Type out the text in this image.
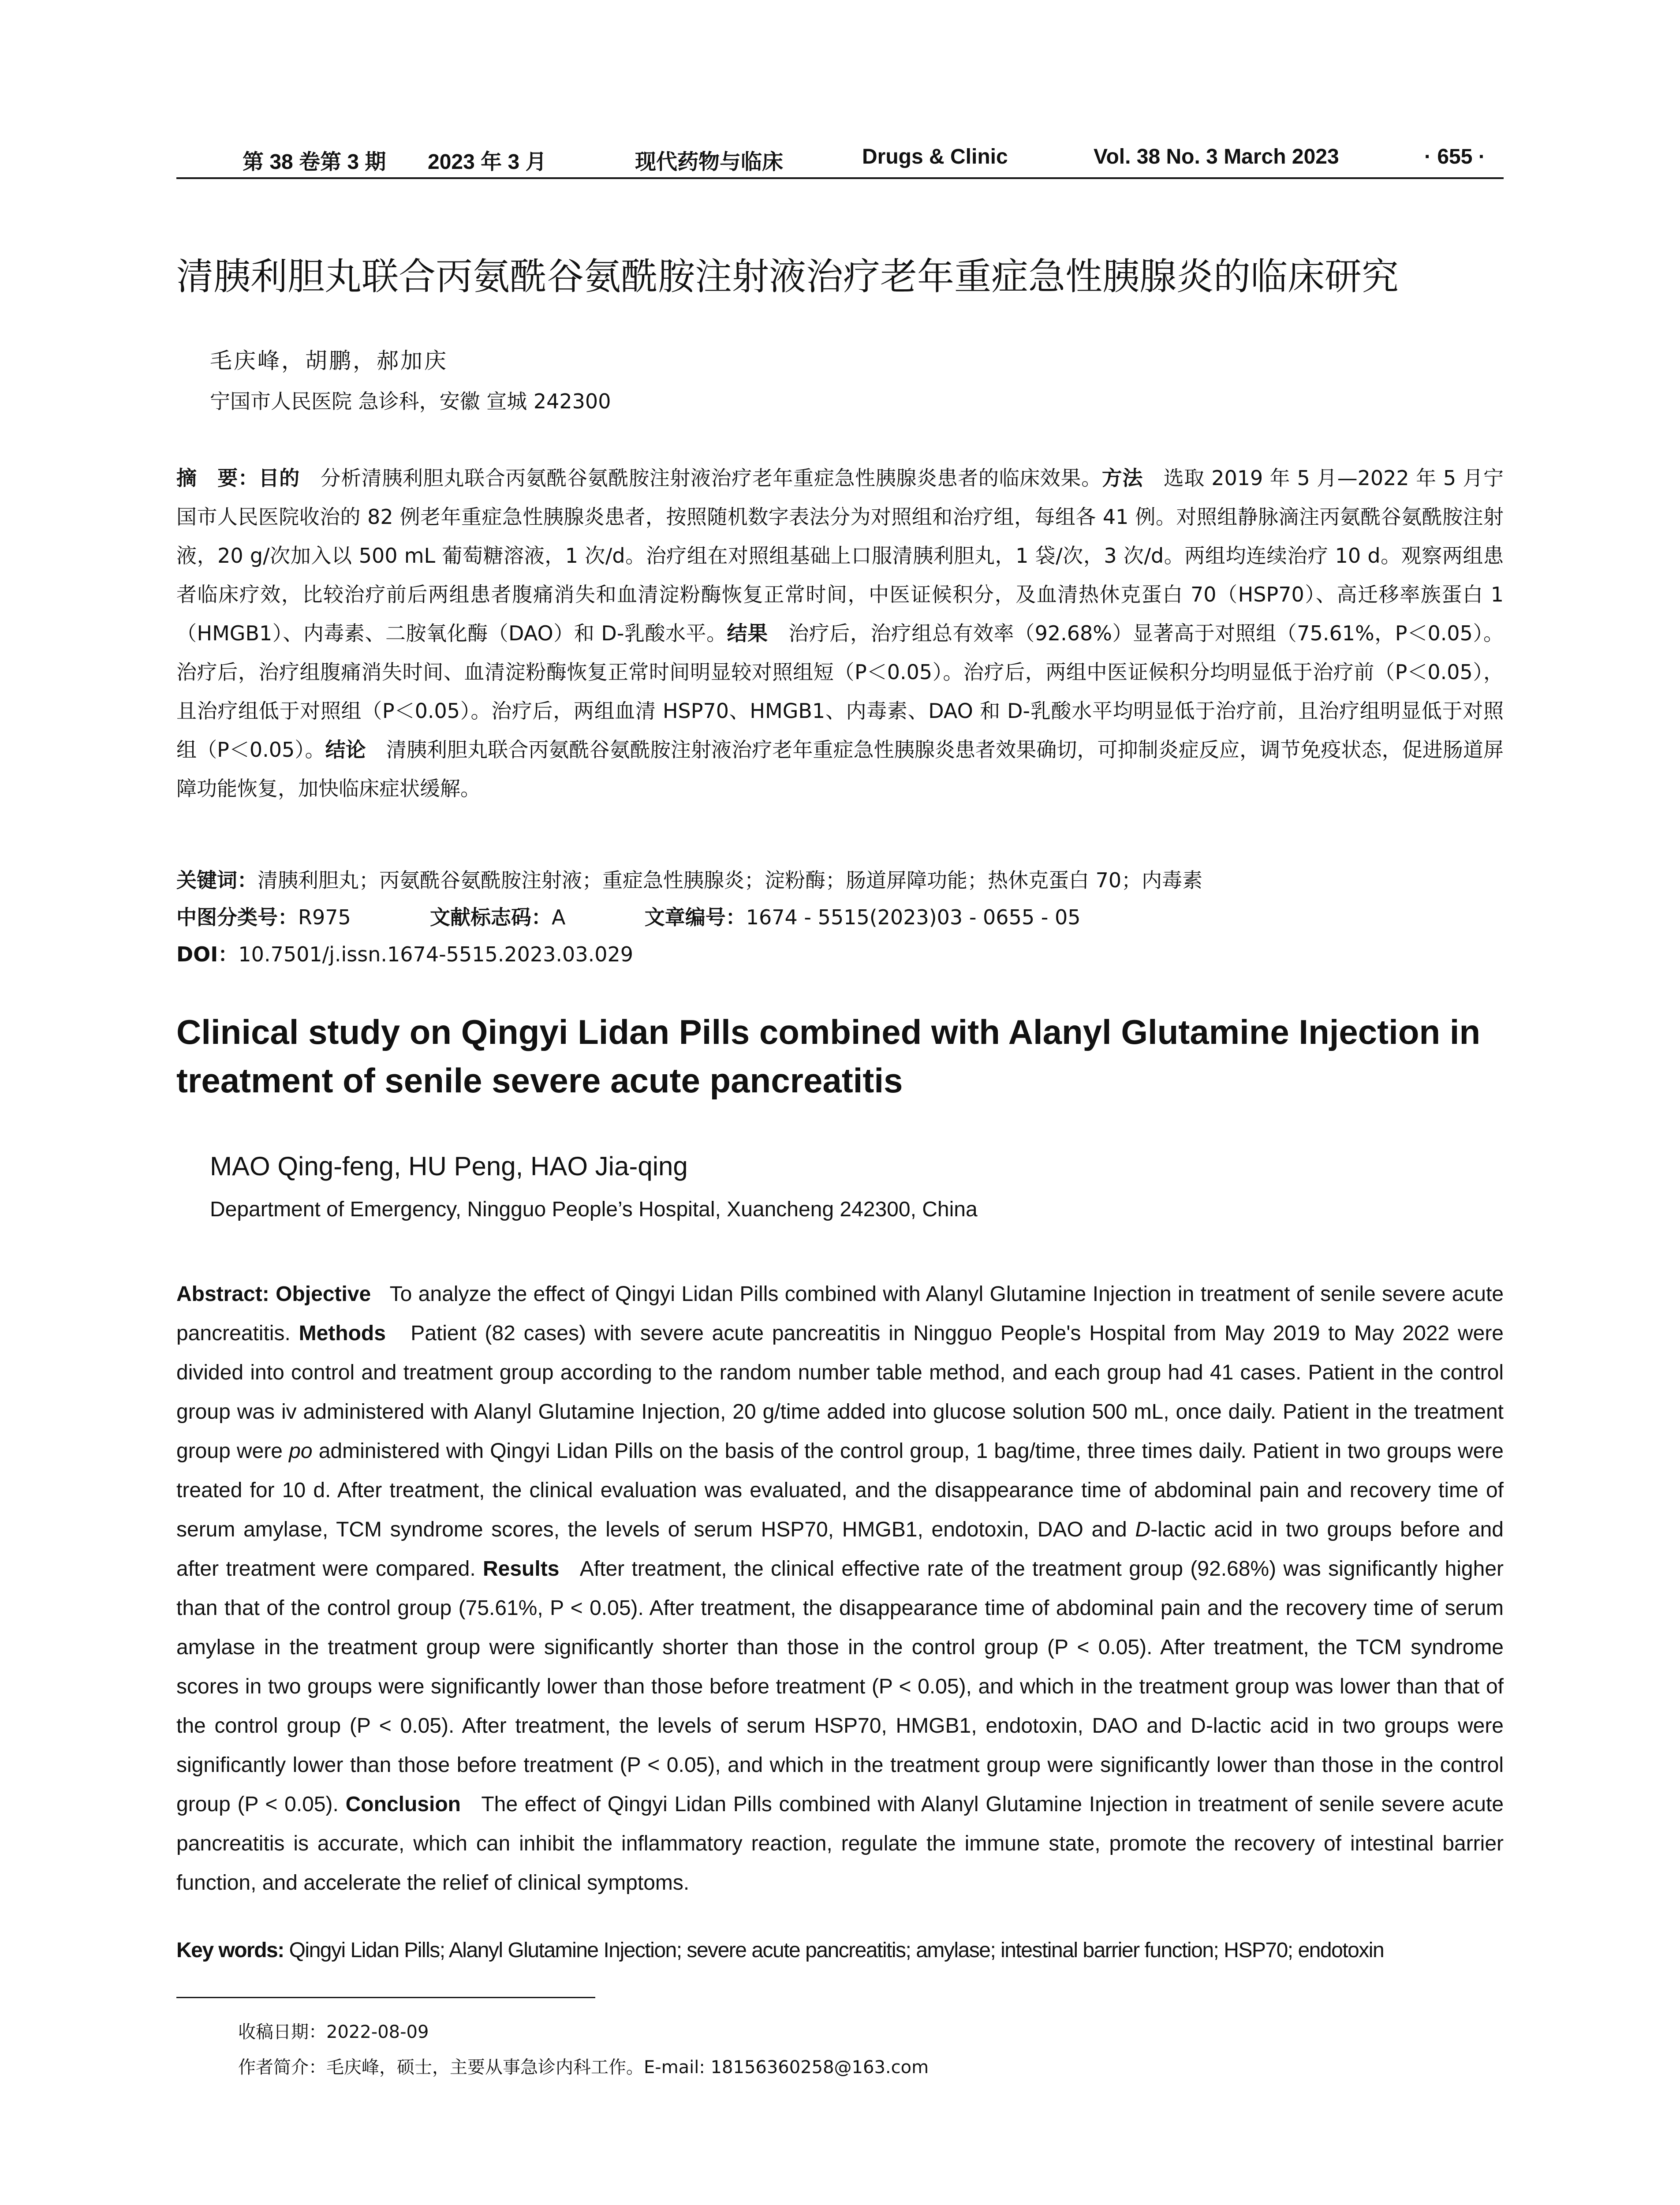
第 38 卷第 3 期 2023 年 3 月	现代药物与临床	Drugs & Clinic	Vol. 38 No. 3 March 2023	· 655 ·
清胰利胆丸联合丙氨酰谷氨酰胺注射液治疗老年重症急性胰腺炎的临床研究
毛庆峰，胡鹏，郝加庆
宁国市人民医院 急诊科，安徽 宣城 242300
摘　要：目的　 分析清胰利胆丸联合丙氨酰谷氨酰胺注射液治疗老年重症急性胰腺炎患者的临床效果。方法　 选取 2019 年 5 月—2022 年 5 月宁国市人民医院收治的 82 例老年重症急性胰腺炎患者，按照随机数字表法分为对照组和治疗组，每组各 41 例。对照组静脉滴注丙氨酰谷氨酰胺注射液，20 g/次加入以 500 mL 葡萄糖溶液，1 次/d。治疗组在对照组基础上口服清胰利胆丸，1 袋/次，3 次/d。两组均连续治疗 10 d。观察两组患者临床疗效，比较治疗前后两组患者腹痛消失和血清淀粉酶恢复正常时间，中医证候积分，及血清热休克蛋白 70（HSP70）、高迁移率族蛋白 1（HMGB1）、内毒素、二胺氧化酶（DAO）和 D-乳酸水平。结果　 治疗后，治疗组总有效率（92.68%）显著高于对照组（75.61%，P＜0.05）。治疗后，治疗组腹痛消失时间、血清淀粉酶恢复正常时间明显较对照组短（P＜0.05）。治疗后，两组中医证候积分均明显低于治疗前（P＜0.05），且治疗组低于对照组（P＜0.05）。治疗后，两组血清 HSP70、HMGB1、内毒素、DAO 和 D-乳酸水平均明显低于治疗前，且治疗组明显低于对照组（P＜0.05）。结论　 清胰利胆丸联合丙氨酰谷氨酰胺注射液治疗老年重症急性胰腺炎患者效果确切，可抑制炎症反应，调节免疫状态，促进肠道屏障功能恢复，加快临床症状缓解。
关键词：清胰利胆丸；丙氨酰谷氨酰胺注射液；重症急性胰腺炎；淀粉酶；肠道屏障功能；热休克蛋白 70；内毒素
中图分类号：R975	文献标志码：A	文章编号：1674 - 5515(2023)03 - 0655 - 05
DOI：10.7501/j.issn.1674-5515.2023.03.029
Clinical study on Qingyi Lidan Pills combined with Alanyl Glutamine Injection in treatment of senile severe acute pancreatitis
MAO Qing-feng, HU Peng, HAO Jia-qing
Department of Emergency, Ningguo People’s Hospital, Xuancheng 242300, China
Abstract: Objective To analyze the effect of Qingyi Lidan Pills combined with Alanyl Glutamine Injection in treatment of senile severe acute pancreatitis. Methods Patient (82 cases) with severe acute pancreatitis in Ningguo People's Hospital from May 2019 to May 2022 were divided into control and treatment group according to the random number table method, and each group had 41 cases. Patient in the control group was iv administered with Alanyl Glutamine Injection, 20 g/time added into glucose solution 500 mL, once daily. Patient in the treatment group were po administered with Qingyi Lidan Pills on the basis of the control group, 1 bag/time, three times daily. Patient in two groups were treated for 10 d. After treatment, the clinical evaluation was evaluated, and the disappearance time of abdominal pain and recovery time of serum amylase, TCM syndrome scores, the levels of serum HSP70, HMGB1, endotoxin, DAO and D-lactic acid in two groups before and after treatment were compared. Results After treatment, the clinical effective rate of the treatment group (92.68%) was significantly higher than that of the control group (75.61%, P < 0.05). After treatment, the disappearance time of abdominal pain and the recovery time of serum amylase in the treatment group were significantly shorter than those in the control group (P < 0.05). After treatment, the TCM syndrome scores in two groups were significantly lower than those before treatment (P < 0.05), and which in the treatment group was lower than that of the control group (P < 0.05). After treatment, the levels of serum HSP70, HMGB1, endotoxin, DAO and D-lactic acid in two groups were significantly lower than those before treatment (P < 0.05), and which in the treatment group were significantly lower than those in the control group (P < 0.05). Conclusion The effect of Qingyi Lidan Pills combined with Alanyl Glutamine Injection in treatment of senile severe acute pancreatitis is accurate, which can inhibit the inflammatory reaction, regulate the immune state, promote the recovery of intestinal barrier function, and accelerate the relief of clinical symptoms.
Key words: Qingyi Lidan Pills; Alanyl Glutamine Injection; severe acute pancreatitis; amylase; intestinal barrier function; HSP70; endotoxin
收稿日期：2022-08-09
作者简介：毛庆峰，硕士，主要从事急诊内科工作。E-mail: 18156360258@163.com
